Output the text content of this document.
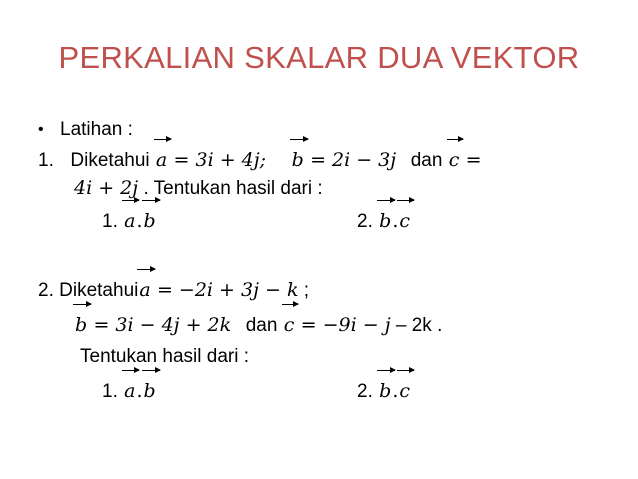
PERKALIAN SKALAR DUA VEKTOR
• Latihan :
1. Diketahui a = 3i + 4j; b = 2i − 3j dan c =
4i + 2j . Tentukan hasil dari :
1. a.
b	2. b.
c
2. Diketahui
a = −2i + 3j − k ;
b = 3i − 4j + 2k dan c = −9i − j – 2k .
Tentukan hasil dari :
1. a.
b	2. b.
c
